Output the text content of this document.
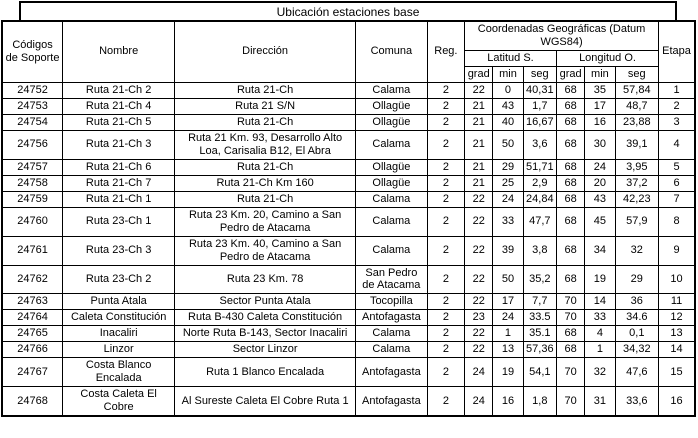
Ubicación estaciones base
Códigos de Soporte	Nombre	Dirección	Comuna	Reg.	Coordenadas Geográficas (Datum WGS84)						Etapa
					Latitud S.			Longitud O.			
					grad	min	seg	grad	min	seg	
24752	Ruta 21-Ch 2	Ruta 21-Ch	Calama	2	22	0	40,31	68	35	57,84	1
24753	Ruta 21-Ch 4	Ruta 21 S/N	Ollagüe	2	21	43	1,7	68	17	48,7	2
24754	Ruta 21-Ch 5	Ruta 21-Ch	Ollagüe	2	21	40	16,67	68	16	23,88	3
24756	Ruta 21-Ch 3	Ruta 21 Km. 93, Desarrollo Alto Loa, Carisalia B12, El Abra	Calama	2	21	50	3,6	68	30	39,1	4
24757	Ruta 21-Ch 6	Ruta 21-Ch	Ollagüe	2	21	29	51,71	68	24	3,95	5
24758	Ruta 21-Ch 7	Ruta 21-Ch Km 160	Ollagüe	2	21	25	2,9	68	20	37,2	6
24759	Ruta 21-Ch 1	Ruta 21-Ch	Calama	2	22	24	24,84	68	43	42,23	7
24760	Ruta 23-Ch 1	Ruta 23 Km. 20, Camino a San Pedro de Atacama	Calama	2	22	33	47,7	68	45	57,9	8
24761	Ruta 23-Ch 3	Ruta 23 Km. 40, Camino a San Pedro de Atacama	Calama	2	22	39	3,8	68	34	32	9
24762	Ruta 23-Ch 2	Ruta 23 Km. 78	San Pedro de Atacama	2	22	50	35,2	68	19	29	10
24763	Punta Atala	Sector Punta Atala	Tocopilla	2	22	17	7,7	70	14	36	11
24764	Caleta Constitución	Ruta B-430 Caleta Constitución	Antofagasta	2	23	24	33.5	70	33	34.6	12
24765	Inacaliri	Norte Ruta B-143, Sector Inacaliri	Calama	2	22	1	35.1	68	4	0,1	13
24766	Linzor	Sector Linzor	Calama	2	22	13	57,36	68	1	34,32	14
24767	Costa Blanco Encalada	Ruta 1 Blanco Encalada	Antofagasta	2	24	19	54,1	70	32	47,6	15
24768	Costa Caleta El Cobre	Al Sureste Caleta El Cobre Ruta 1	Antofagasta	2	24	16	1,8	70	31	33,6	16
